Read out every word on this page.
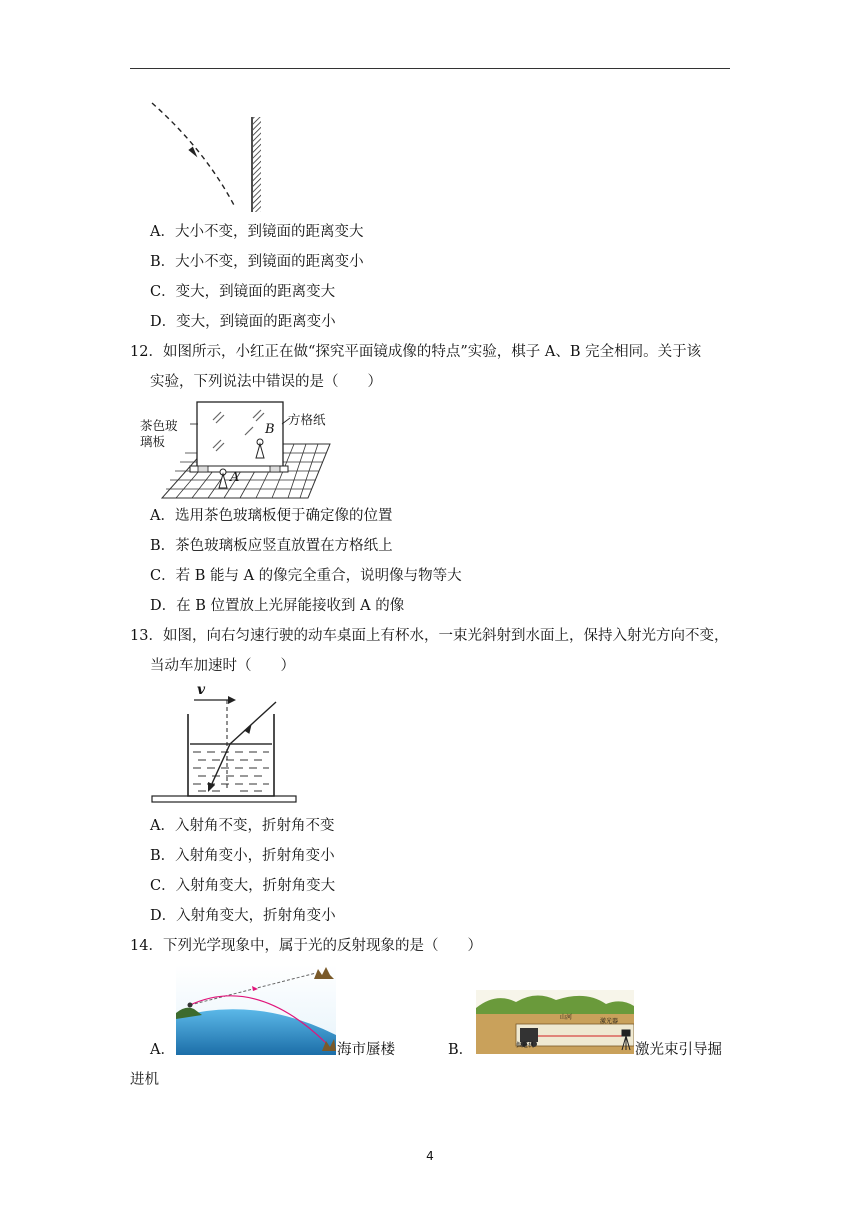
A．大小不变，到镜面的距离变大
B．大小不变，到镜面的距离变小
C．变大，到镜面的距离变大
D．变大，到镜面的距离变小
12．如图所示，小红正在做“探究平面镜成像的特点”实验，棋子 A、B 完全相同。关于该
实验，下列说法中错误的是（　　）
茶色玻
璃板
方格纸
B
A
A．选用茶色玻璃板便于确定像的位置
B．茶色玻璃板应竖直放置在方格纸上
C．若 B 能与 A 的像完全重合，说明像与物等大
D．在 B 位置放上光屏能接收到 A 的像
13．如图，向右匀速行驶的动车桌面上有杯水，一束光斜射到水面上，保持入射光方向不变，
当动车加速时（　　）
v
A．入射角不变，折射角不变
B．入射角变小，折射角变小
C．入射角变大，折射角变大
D．入射角变大，折射角变小
14．下列光学现象中，属于光的反射现象的是（　　）
A．	海市蜃楼
山河
掘进机
激光器
B．	激光束引导掘
进机
4
